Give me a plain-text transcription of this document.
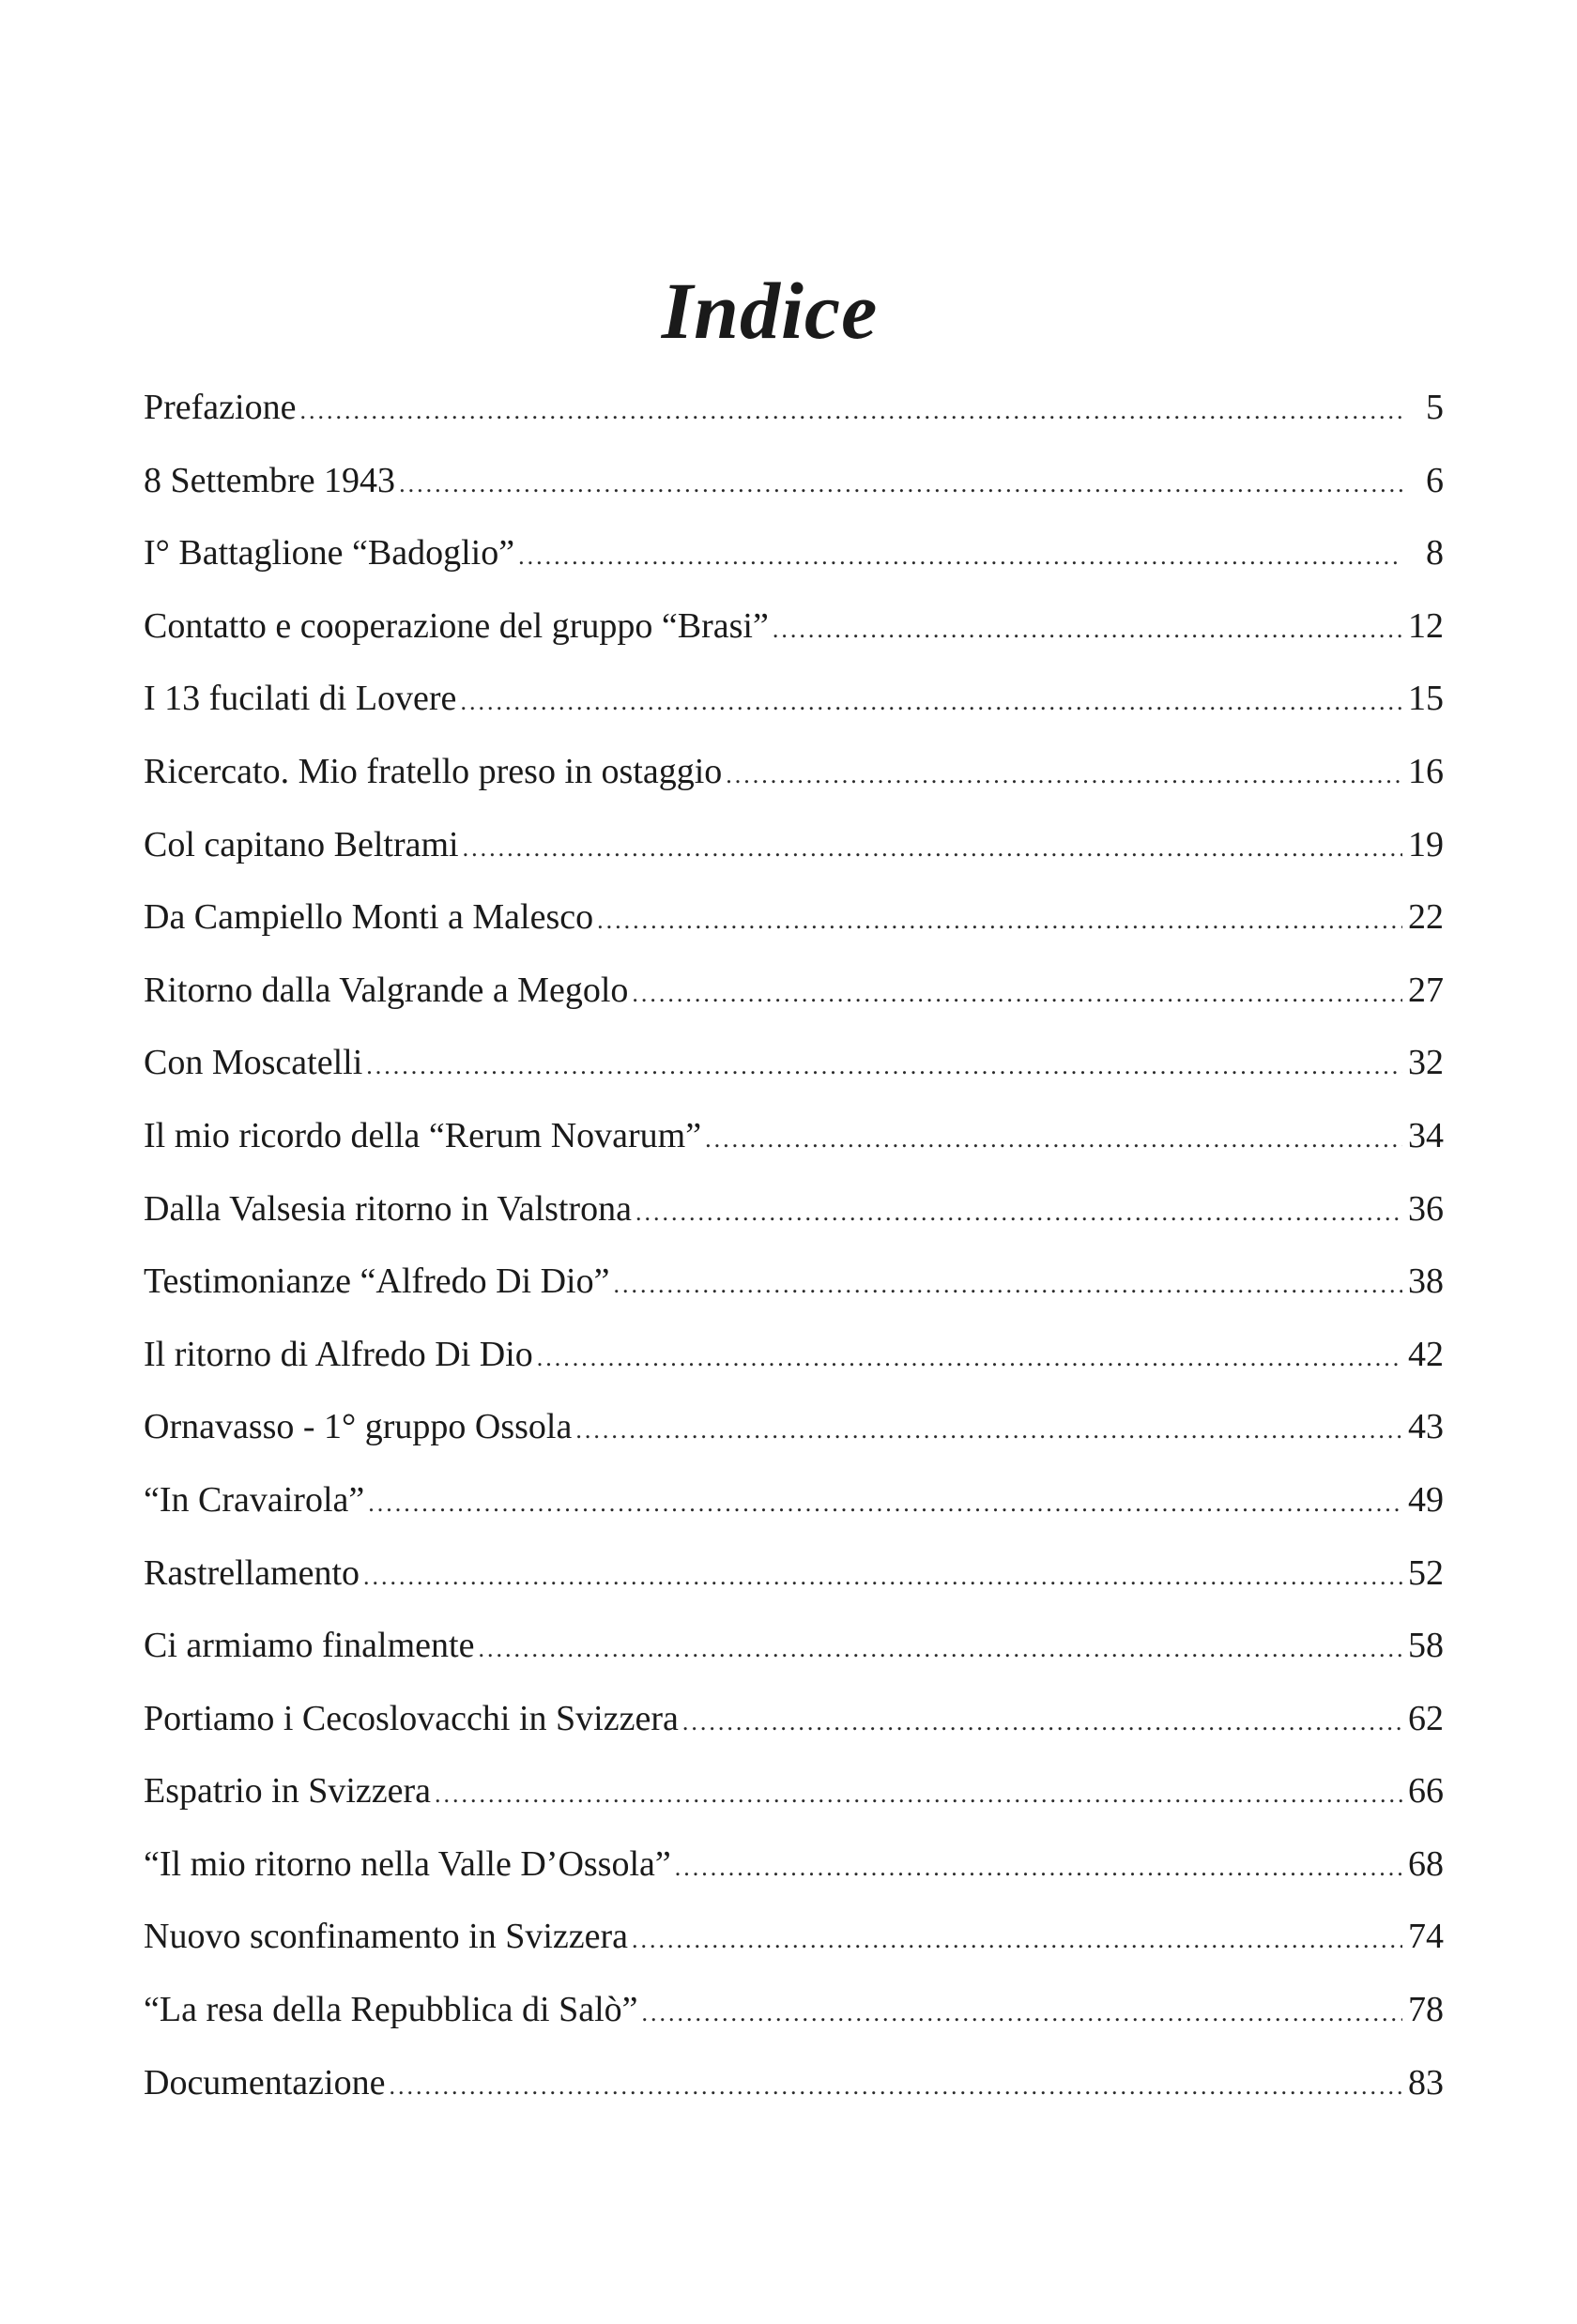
Indice
Prefazione .....	5
8 Settembre 1943 .....	6
I° Battaglione “Badoglio” .....	8
Contatto e cooperazione del gruppo “Brasi” .....	12
I 13 fucilati di Lovere .....	15
Ricercato. Mio fratello preso in ostaggio .....	16
Col capitano Beltrami .....	19
Da Campiello Monti a Malesco .....	22
Ritorno dalla Valgrande a Megolo .....	27
Con Moscatelli .....	32
Il mio ricordo della “Rerum Novarum” .....	34
Dalla Valsesia ritorno in Valstrona .....	36
Testimonianze “Alfredo Di Dio” .....	38
Il ritorno di Alfredo Di Dio .....	42
Ornavasso - 1° gruppo Ossola .....	43
“In Cravairola” .....	49
Rastrellamento .....	52
Ci armiamo finalmente .....	58
Portiamo i Cecoslovacchi in Svizzera .....	62
Espatrio in Svizzera .....	66
“Il mio ritorno nella Valle D’Ossola” .....	68
Nuovo sconfinamento in Svizzera .....	74
“La resa della Repubblica di Salò” .....	78
Documentazione .....	83
